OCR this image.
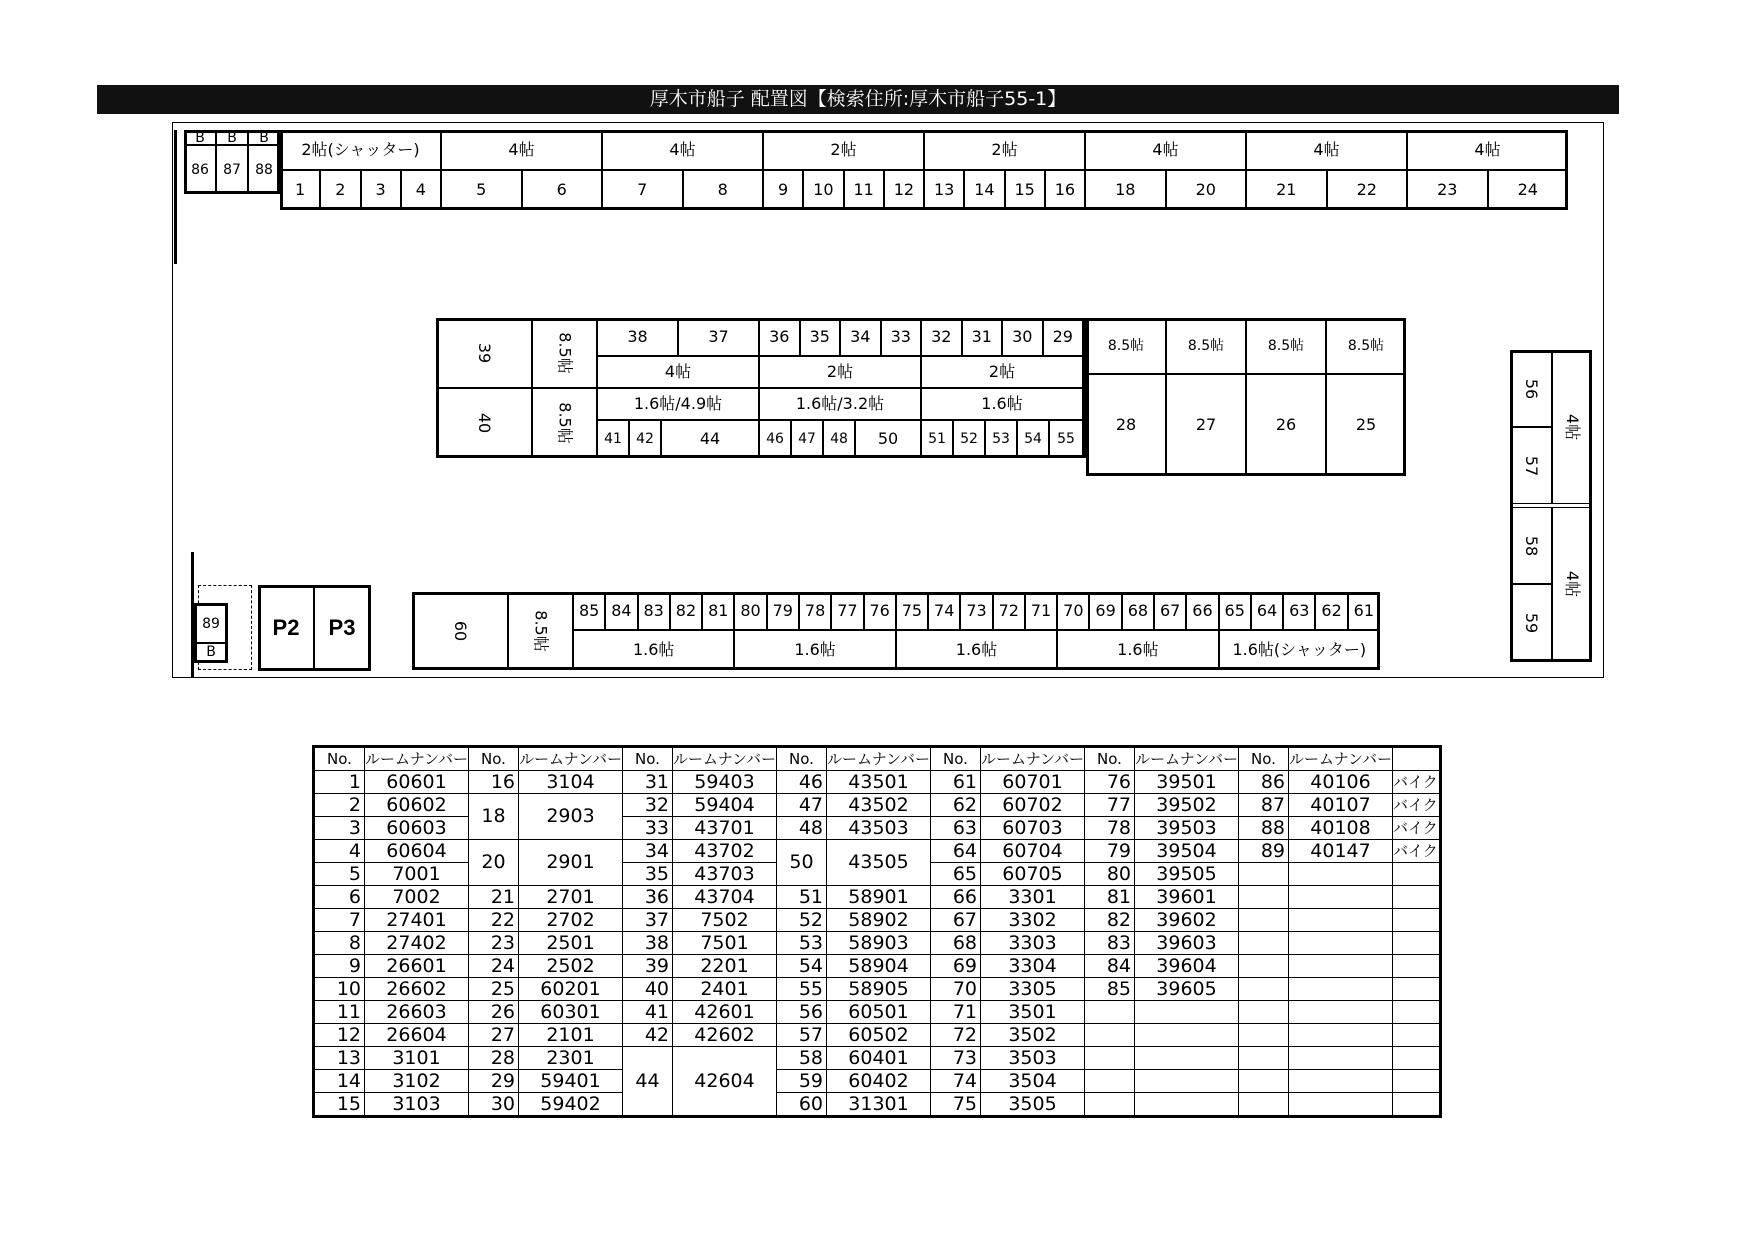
厚木市船子 配置図【検索住所:厚木市船子55-1】
B
86
B
87
B
88
2帖(シャッター)
1	2	3	4
4帖
5	6
4帖
7	8
2帖
9	10	11	12
2帖
13	14	15	16
4帖
18	20
4帖
21	22
4帖
23	24
39	8.5帖
40	8.5帖
38	37
4帖
36	35	34	33
2帖
32	31	30	29
2帖
1.6帖/4.9帖
41	42	44
1.6帖/3.2帖
46	47	48	50
1.6帖
51	52	53	54	55
8.5帖
28
8.5帖
27
8.5帖
26
8.5帖
25
56
57
4帖
58
59
4帖
89
B
P2	P3	60	8.5帖	85 84 83 82 81
1.6帖
80 79 78 77 76
1.6帖
75 74 73 72 71
1.6帖
70 69 68 67 66
1.6帖
65 64 63 62 61
1.6帖(シャッター)
No.	ルームナンバー	No.	ルームナンバー	No.	ルームナンバー	No.	ルームナンバー	No.	ルームナンバー	No.	ルームナンバー	No.	ルームナンバー	
1	60601	16	3104	31	59403	46	43501	61	60701	76	39501	86	40106	バイク
2	60602	18	2903	32	59404	47	43502	62	60702	77	39502	87	40107	バイク
3	60603			33	43701	48	43503	63	60703	78	39503	88	40108	バイク
4	60604	20	2901	34	43702	50	43505	64	60704	79	39504	89	40147	バイク
5	7001			35	43703			65	60705	80	39505			
6	7002	21	2701	36	43704	51	58901	66	3301	81	39601			
7	27401	22	2702	37	7502	52	58902	67	3302	82	39602			
8	27402	23	2501	38	7501	53	58903	68	3303	83	39603			
9	26601	24	2502	39	2201	54	58904	69	3304	84	39604			
10	26602	25	60201	40	2401	55	58905	70	3305	85	39605			
11	26603	26	60301	41	42601	56	60501	71	3501					
12	26604	27	2101	42	42602	57	60502	72	3502					
13	3101	28	2301	44	42604	58	60401	73	3503					
14	3102	29	59401			59	60402	74	3504					
15	3103	30	59402			60	31301	75	3505					
